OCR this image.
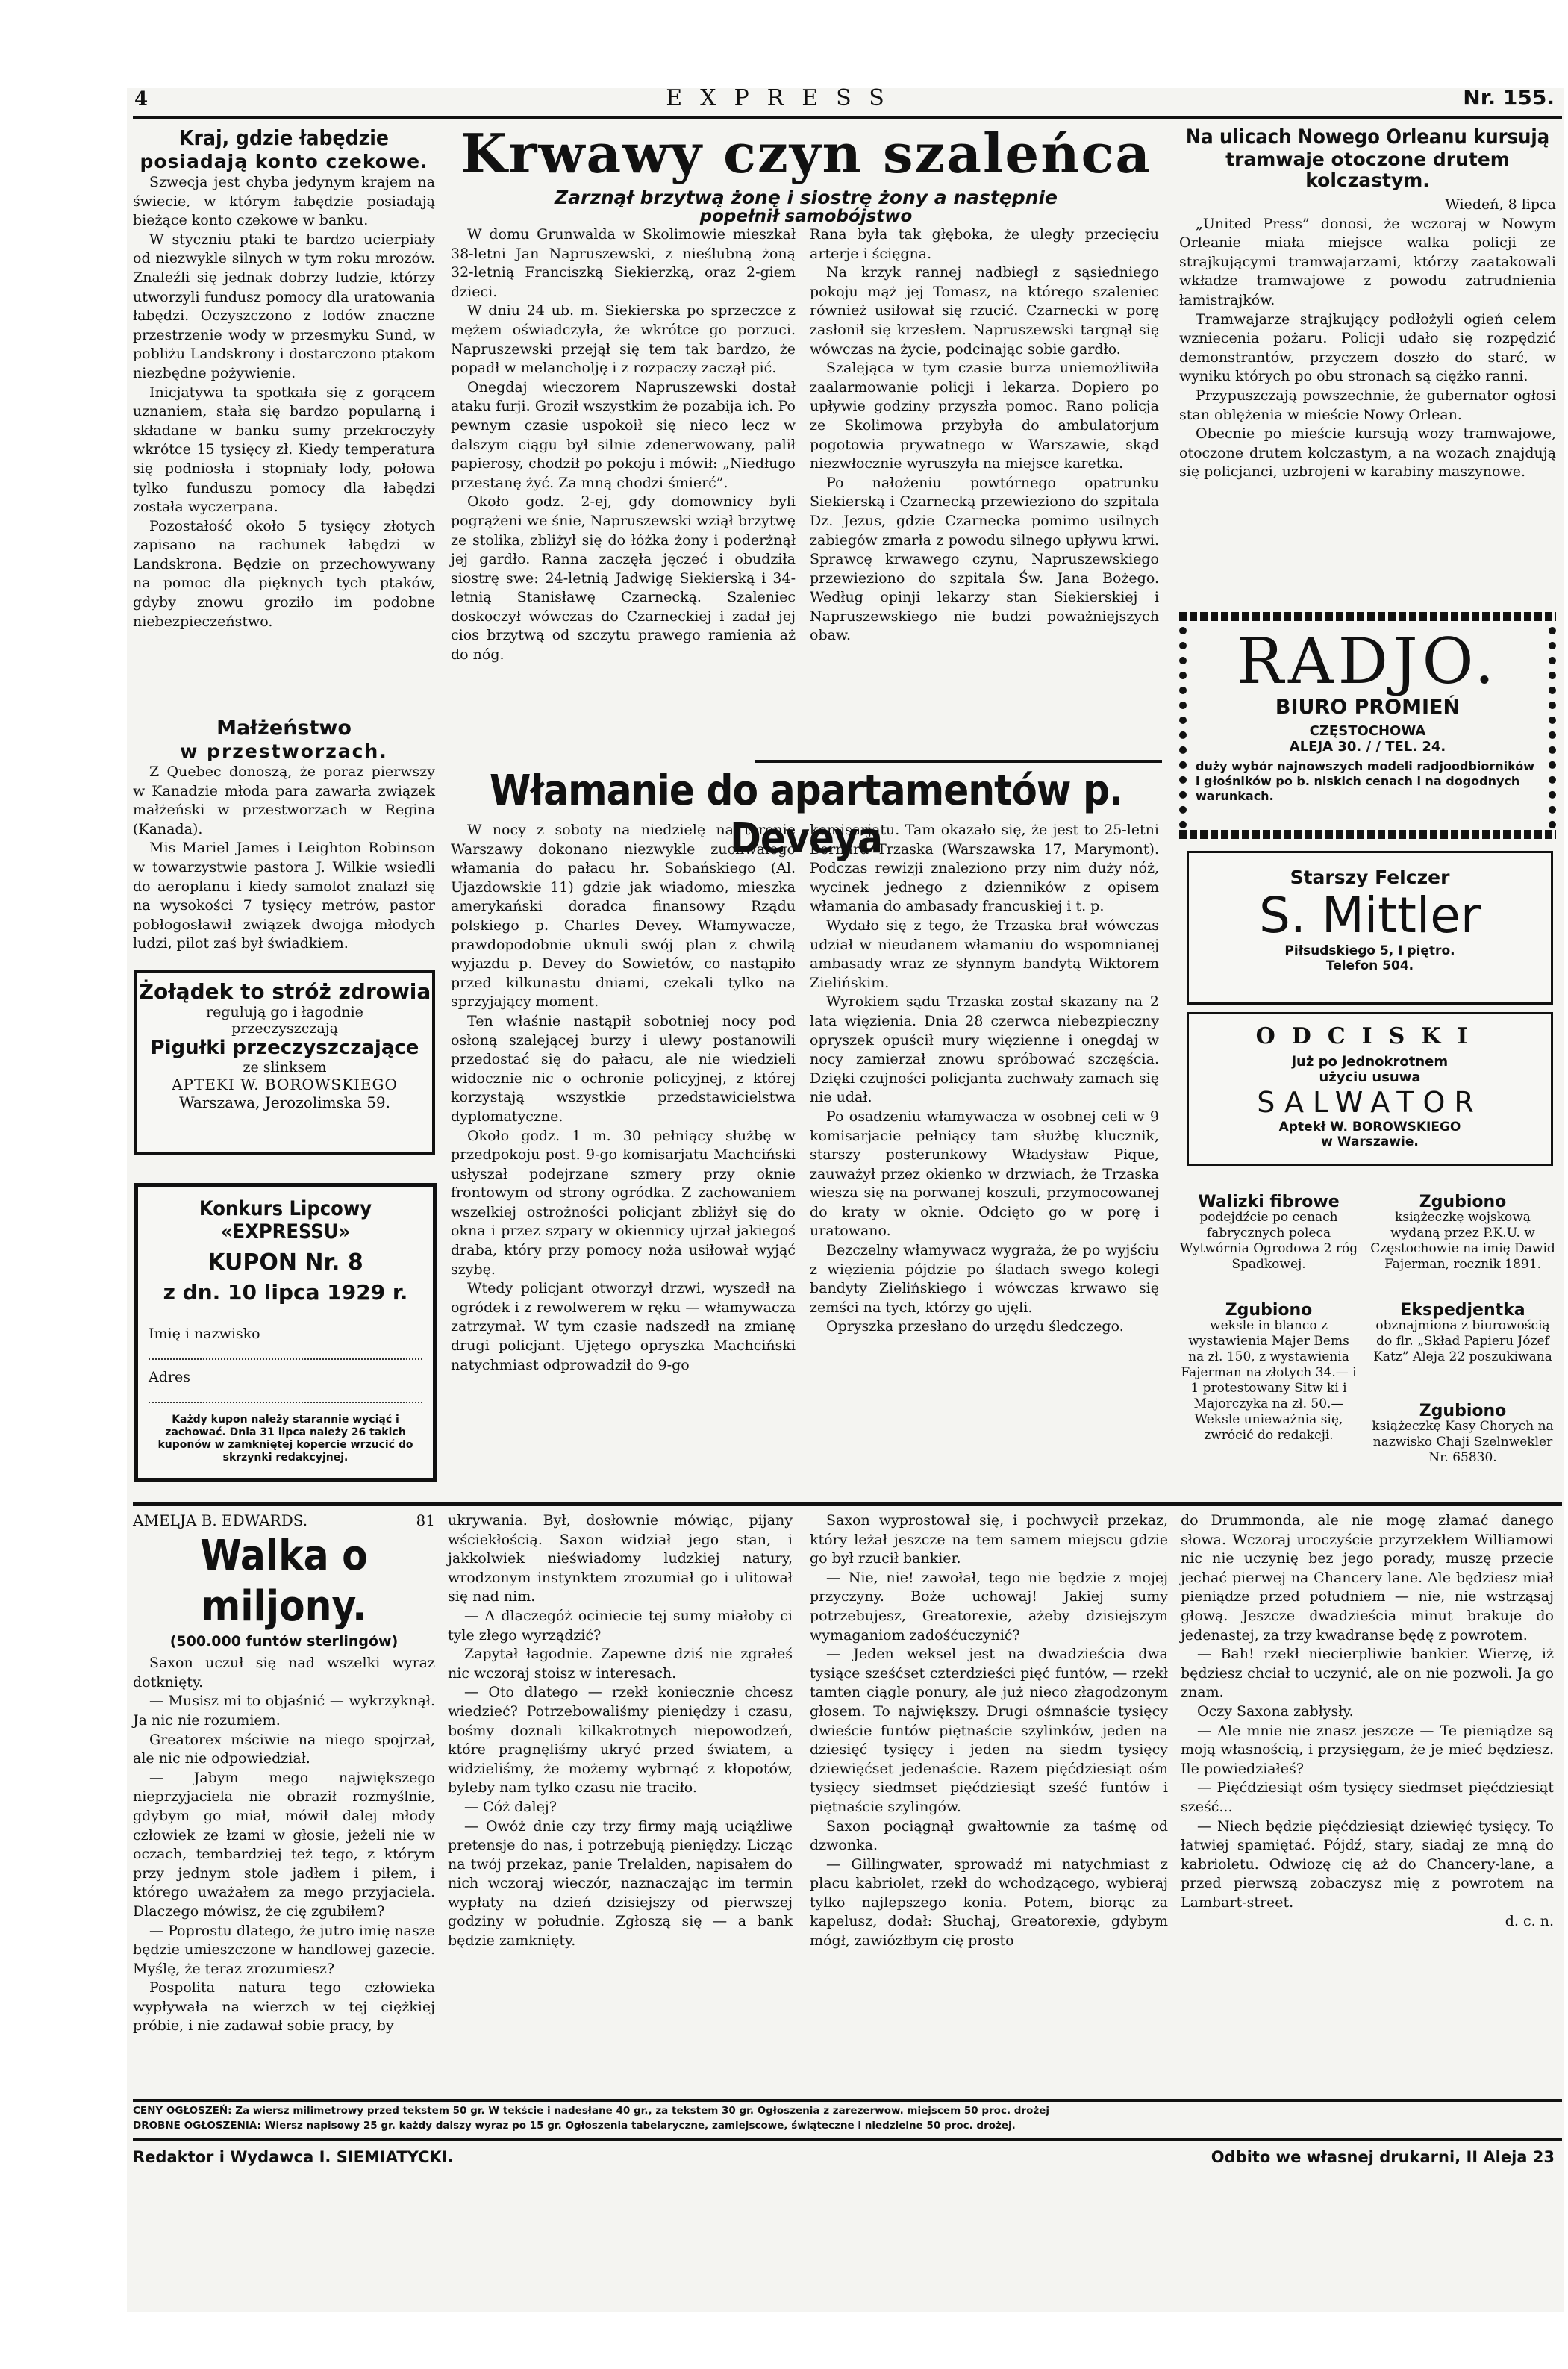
4	EXPRESS	Nr. 155.
Kraj, gdzie łabędzie
posiadają konto czekowe.

Szwecja jest chyba jedynym krajem na świecie, w którym łabędzie posiadają bieżące konto czekowe w banku.

W styczniu ptaki te bardzo ucierpiały od niezwykle silnych w tym roku mrozów. Znaleźli się jednak dobrzy ludzie, którzy utworzyli fundusz pomocy dla uratowania łabędzi. Oczyszczono z lodów znaczne przestrzenie wody w przesmyku Sund, w pobliżu Landskrony i dostarczono ptakom niezbędne pożywienie.

Inicjatywa ta spotkała się z gorącem uznaniem, stała się bardzo popularną i składane w banku sumy przekroczyły wkrótce 15 tysięcy zł. Kiedy temperatura się podniosła i stopniały lody, połowa tylko funduszu pomocy dla łabędzi została wyczerpana.

Pozostałość około 5 tysięcy złotych zapisano na rachunek łabędzi w Landskrona. Będzie on przechowywany na pomoc dla pięknych tych ptaków, gdyby znowu groziło im podobne niebezpieczeństwo.

Małżeństwo
w przestworzach.

Z Quebec donoszą, że poraz pierwszy w Kanadzie młoda para zawarła związek małżeński w przestworzach w Regina (Kanada).

Mis Mariel James i Leighton Robinson w towarzystwie pastora J. Wilkie wsiedli do aeroplanu i kiedy samolot znalazł się na wysokości 7 tysięcy metrów, pastor pobłogosławił związek dwojga młodych ludzi, pilot zaś był świadkiem.

Żołądek to stróż zdrowia
regulują go i łagodnie
przeczyszczają
Pigułki przeczyszczające
ze slinksem
APTEKI W. BOROWSKIEGO
Warszawa, Jerozolimska 59.
Konkurs Lipcowy «EXPRESSU»
KUPON Nr. 8
z dn. 10 lipca 1929 r.
Imię i nazwisko
Adres
Każdy kupon należy starannie wyciąć i zachować. Dnia 31 lipca należy 26 takich kuponów w zamkniętej kopercie wrzucić do skrzynki redakcyjnej.
Krwawy czyn szaleńca
Zarznął brzytwą żonę i siostrę żony a następnie
popełnił samobójstwo

W domu Grunwalda w Skolimowie mieszkał 38-letni Jan Napruszewski, z nieślubną żoną 32-letnią Franciszką Siekierzką, oraz 2-giem dzieci.

W dniu 24 ub. m. Siekierska po sprzeczce z mężem oświadczyła, że wkrótce go porzuci. Napruszewski przejął się tem tak bardzo, że popadł w melancholję i z rozpaczy zaczął pić.

Onegdaj wieczorem Napruszewski dostał ataku furji. Groził wszystkim że pozabija ich. Po pewnym czasie uspokoił się nieco lecz w dalszym ciągu był silnie zdenerwowany, palił papierosy, chodził po pokoju i mówił: „Niedługo przestanę żyć. Za mną chodzi śmierć”.

Około godz. 2-ej, gdy domownicy byli pogrążeni we śnie, Napruszewski wziął brzytwę ze stolika, zbliżył się do łóżka żony i poderżnął jej gardło. Ranna zaczęła jęczeć i obudziła siostrę swe: 24-letnią Jadwigę Siekierską i 34-letnią Stanisławę Czarnecką. Szaleniec doskoczył wówczas do Czarneckiej i zadał jej cios brzytwą od szczytu prawego ramienia aż do nóg.

Rana była tak głęboka, że uległy przecięciu arterje i ścięgna.

Na krzyk rannej nadbiegł z sąsiedniego pokoju mąż jej Tomasz, na którego szaleniec również usiłował się rzucić. Czarnecki w porę zasłonił się krzesłem. Napruszewski targnął się wówczas na życie, podcinając sobie gardło.

Szalejąca w tym czasie burza uniemożliwiła zaalarmowanie policji i lekarza. Dopiero po upływie godziny przyszła pomoc. Rano policja ze Skolimowa przybyła do ambulatorjum pogotowia prywatnego w Warszawie, skąd niezwłocznie wyruszyła na miejsce karetka.

Po nałożeniu powtórnego opatrunku Siekierską i Czarnecką przewieziono do szpitala Dz. Jezus, gdzie Czarnecka pomimo usilnych zabiegów zmarła z powodu silnego upływu krwi. Sprawcę krwawego czynu, Napruszewskiego przewieziono do szpitala Św. Jana Bożego. Według opinji lekarzy stan Siekierskiej i Napruszewskiego nie budzi poważniejszych obaw.

Na ulicach Nowego Orleanu kursują
tramwaje otoczone drutem kolczastym.
Wiedeń, 8 lipca

„United Press” donosi, że wczoraj w Nowym Orleanie miała miejsce walka policji ze strajkującymi tramwajarzami, którzy zaatakowali wkładze tramwajowe z powodu zatrudnienia łamistrajków.

Tramwajarze strajkujący podłożyli ogień celem wzniecenia pożaru. Policji udało się rozpędzić demonstrantów, przyczem doszło do starć, w wyniku których po obu stronach są ciężko ranni.

Przypuszczają powszechnie, że gubernator ogłosi stan oblężenia w mieście Nowy Orlean.

Obecnie po mieście kursują wozy tramwajowe, otoczone drutem kolczastym, a na wozach znajdują się policjanci, uzbrojeni w karabiny maszynowe.

RADJO.
BIURO PROMIEŃ
CZĘSTOCHOWA
ALEJA 30. / / TEL. 24.
duży wybór najnowszych modeli radjoodbiorników i głośników po b. niskich cenach i na dogodnych warunkach.
Starszy Felczer
S. Mittler
Piłsudskiego 5, I piętro.
Telefon 504.
ODCISKI
już po jednokrotnem
użyciu usuwa
SALWATOR
Aptekł W. BOROWSKIEGO
w Warszawie.
Walizki fibrowe
podejdźcie po cenach fabrycznych poleca Wytwórnia Ogrodowa 2 róg Spadkowej.
Zgubiono
książeczkę wojskową wydaną przez P.K.U. w Częstochowie na imię Dawid Fajerman, rocznik 1891.
Zgubiono
weksle in blanco z wystawienia Majer Bems na zł. 150, z wystawienia Fajerman na złotych 34.— i 1 protestowany Sitw ki i Majorczyka na zł. 50.— Weksle unieważnia się, zwrócić do redakcji.
Ekspedjentka
obznajmiona z biurowością do flr. „Skład Papieru Józef Katz” Aleja 22 poszukiwana
Zgubiono
książeczkę Kasy Chorych na nazwisko Chaji Szelnwekler Nr. 65830.
Włamanie do apartamentów p. Deveya

W nocy z soboty na niedzielę na terenie Warszawy dokonano niezwykle zuchwałego włamania do pałacu hr. Sobańskiego (Al. Ujazdowskie 11) gdzie jak wiadomo, mieszka amerykański doradca finansowy Rządu polskiego p. Charles Devey. Włamywacze, prawdopodobnie uknuli swój plan z chwilą wyjazdu p. Devey do Sowietów, co nastąpiło przed kilkunastu dniami, czekali tylko na sprzyjający moment.

Ten właśnie nastąpił sobotniej nocy pod osłoną szalejącej burzy i ulewy postanowili przedostać się do pałacu, ale nie wiedzieli widocznie nic o ochronie policyjnej, z której korzystają wszystkie przedstawicielstwa dyplomatyczne.

Około godz. 1 m. 30 pełniący służbę w przedpokoju post. 9-go komisarjatu Machciński usłyszał podejrzane szmery przy oknie frontowym od strony ogródka. Z zachowaniem wszelkiej ostrożności policjant zbliżył się do okna i przez szpary w okiennicy ujrzał jakiegoś draba, który przy pomocy noża usiłował wyjąć szybę.

Wtedy policjant otworzył drzwi, wyszedł na ogródek i z rewolwerem w ręku — włamywacza zatrzymał. W tym czasie nadszedł na zmianę drugi policjant. Ujętego opryszka Machciński natychmiast odprowadził do 9-go

komisarjatu. Tam okazało się, że jest to 25-letni Bernard Trzaska (Warszawska 17, Marymont). Podczas rewizji znaleziono przy nim duży nóż, wycinek jednego z dzienników z opisem włamania do ambasady francuskiej i t. p.

Wydało się z tego, że Trzaska brał wówczas udział w nieudanem włamaniu do wspomnianej ambasady wraz ze słynnym bandytą Wiktorem Zielińskim.

Wyrokiem sądu Trzaska został skazany na 2 lata więzienia. Dnia 28 czerwca niebezpieczny opryszek opuścił mury więzienne i onegdaj w nocy zamierzał znowu spróbować szczęścia. Dzięki czujności policjanta zuchwały zamach się nie udał.

Po osadzeniu włamywacza w osobnej celi w 9 komisarjacie pełniący tam służbę klucznik, starszy posterunkowy Władysław Pique, zauważył przez okienko w drzwiach, że Trzaska wiesza się na porwanej koszuli, przymocowanej do kraty w oknie. Odcięto go w porę i uratowano.

Bezczelny włamywacz wygraża, że po wyjściu z więzienia pójdzie po śladach swego kolegi bandyty Zielińskiego i wówczas krwawo się zemści na tych, którzy go ujęli.

Opryszka przesłano do urzędu śledczego.

AMELJA B. EDWARDS.	81
Walka o miljony.
(500.000 funtów sterlingów)

Saxon uczuł się nad wszelki wyraz dotknięty.

— Musisz mi to objaśnić — wykrzyknął. Ja nic nie rozumiem.

Greatorex mściwie na niego spojrzał, ale nic nie odpowiedział.

— Jabym mego największego nieprzyjaciela nie obraził rozmyślnie, gdybym go miał, mówił dalej młody człowiek ze łzami w głosie, jeżeli nie w oczach, tembardziej też tego, z którym przy jednym stole jadłem i piłem, i którego uważałem za mego przyjaciela. Dlaczego mówisz, że cię zgubiłem?

— Poprostu dlatego, że jutro imię nasze będzie umieszczone w handlowej gazecie. Myślę, że teraz zrozumiesz?

Pospolita natura tego człowieka wypływała na wierzch w tej ciężkiej próbie, i nie zadawał sobie pracy, by

ukrywania. Był, dosłownie mówiąc, pijany wściekłością. Saxon widział jego stan, i jakkolwiek nieświadomy ludzkiej natury, wrodzonym instynktem zrozumiał go i ulitował się nad nim.

— A dlaczegóż ociniecie tej sumy miałoby ci tyle złego wyrządzić?

Zapytał łagodnie. Zapewne dziś nie zgrałeś nic wczoraj stoisz w interesach.

— Oto dlatego — rzekł koniecznie chcesz wiedzieć? Potrzebowaliśmy pieniędzy i czasu, bośmy doznali kilkakrotnych niepowodzeń, które pragnęliśmy ukryć przed światem, a widzieliśmy, że możemy wybrnąć z kłopotów, byleby nam tylko czasu nie traciło.

— Cóż dalej?

— Owóż dnie czy trzy firmy mają uciążliwe pretensje do nas, i potrzebują pieniędzy. Licząc na twój przekaz, panie Trelalden, napisałem do nich wczoraj wieczór, naznaczając im termin wypłaty na dzień dzisiejszy od pierwszej godziny w południe. Zgłoszą się — a bank będzie zamknięty.

Saxon wyprostował się, i pochwycił przekaz, który leżał jeszcze na tem samem miejscu gdzie go był rzucił bankier.

— Nie, nie! zawołał, tego nie będzie z mojej przyczyny. Boże uchowaj! Jakiej sumy potrzebujesz, Greatorexie, ażeby dzisiejszym wymaganiom zadośćuczynić?

— Jeden weksel jest na dwadzieścia dwa tysiące sześćset czterdzieści pięć funtów, — rzekł tamten ciągle ponury, ale już nieco złagodzonym głosem. To największy. Drugi ośmnaście tysięcy dwieście funtów piętnaście szylinków, jeden na dziesięć tysięcy i jeden na siedm tysięcy dziewięćset jedenaście. Razem pięćdziesiąt ośm tysięcy siedmset pięćdziesiąt sześć funtów i piętnaście szylingów.

Saxon pociągnął gwałtownie za taśmę od dzwonka.

— Gillingwater, sprowadź mi natychmiast z placu kabriolet, rzekł do wchodzącego, wybieraj tylko najlepszego konia. Potem, biorąc za kapelusz, dodał: Słuchaj, Greatorexie, gdybym mógł, zawiózłbym cię prosto

do Drummonda, ale nie mogę złamać danego słowa. Wczoraj uroczyście przyrzekłem Williamowi nic nie uczynię bez jego porady, muszę przecie jechać pierwej na Chancery lane. Ale będziesz miał pieniądze przed południem — nie, nie wstrząsaj głową. Jeszcze dwadzieścia minut brakuje do jedenastej, za trzy kwadranse będę z powrotem.

— Bah! rzekł niecierpliwie bankier. Wierzę, iż będziesz chciał to uczynić, ale on nie pozwoli. Ja go znam.

Oczy Saxona zabłysły.

— Ale mnie nie znasz jeszcze — Te pieniądze są moją własnością, i przysięgam, że je mieć będziesz. Ile powiedziałeś?

— Pięćdziesiąt ośm tysięcy siedmset pięćdziesiąt sześć...

— Niech będzie pięćdziesiąt dziewięć tysięcy. To łatwiej spamiętać. Pójdź, stary, siadaj ze mną do kabrioletu. Odwiozę cię aż do Chancery-lane, a przed pierwszą zobaczysz mię z powrotem na Lambart-street.

d. c. n.

CENY OGŁOSZEŃ: Za wiersz milimetrowy przed tekstem 50 gr. W tekście i nadesłane 40 gr., za tekstem 30 gr. Ogłoszenia z zarezerwow. miejscem 50 proc. drożej
DROBNE OGŁOSZENIA: Wiersz napisowy 25 gr. każdy dalszy wyraz po 15 gr. Ogłoszenia tabelaryczne, zamiejscowe, świąteczne i niedzielne 50 proc. drożej.
Redaktor i Wydawca I. SIEMIATYCKI.	Odbito we własnej drukarni, II Aleja 23
